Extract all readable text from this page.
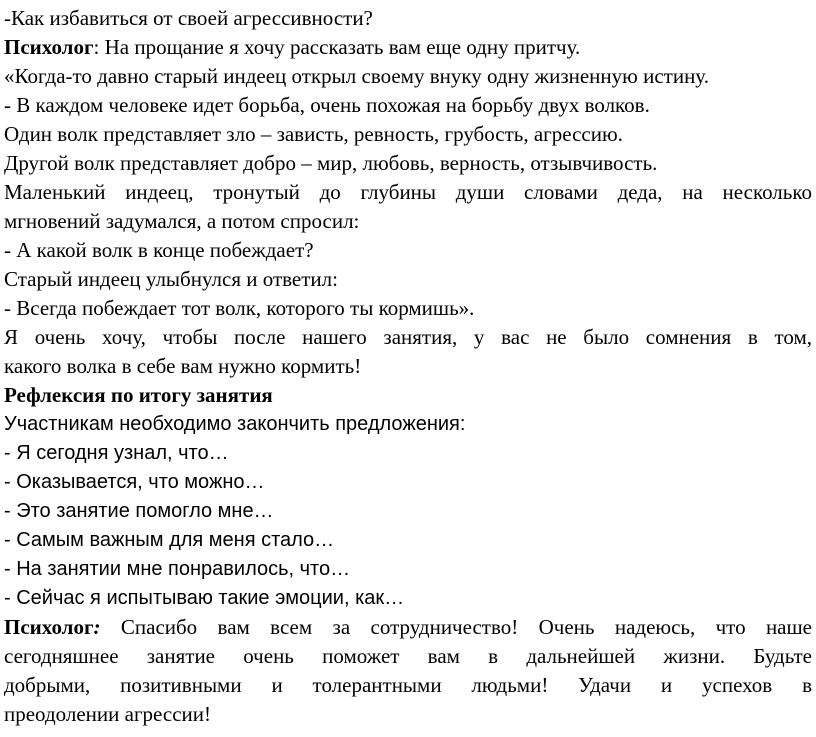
-Как избавиться от своей агрессивности?
Психолог: На прощание я хочу рассказать вам еще одну притчу.
«Когда-то давно старый индеец открыл своему внуку одну жизненную истину.
- В каждом человеке идет борьба, очень похожая на борьбу двух волков.
Один волк представляет зло – зависть, ревность, грубость, агрессию.
Другой волк представляет добро – мир, любовь, верность, отзывчивость.
Маленький индеец, тронутый до глубины души словами деда, на несколько
мгновений задумался, а потом спросил:
- А какой волк в конце побеждает?
Старый индеец улыбнулся и ответил:
- Всегда побеждает тот волк, которого ты кормишь».
Я очень хочу, чтобы после нашего занятия, у вас не было сомнения в том,
какого волка в себе вам нужно кормить!
Рефлексия по итогу занятия
Участникам необходимо закончить предложения:
- Я сегодня узнал, что…
- Оказывается, что можно…
- Это занятие помогло мне…
- Самым важным для меня стало…
- На занятии мне понравилось, что…
- Сейчас я испытываю такие эмоции, как…
Психолог: Спасибо вам всем за сотрудничество! Очень надеюсь, что наше
сегодняшнее занятие очень поможет вам в дальнейшей жизни. Будьте
добрыми, позитивными и толерантными людьми! Удачи и успехов в
преодолении агрессии!
